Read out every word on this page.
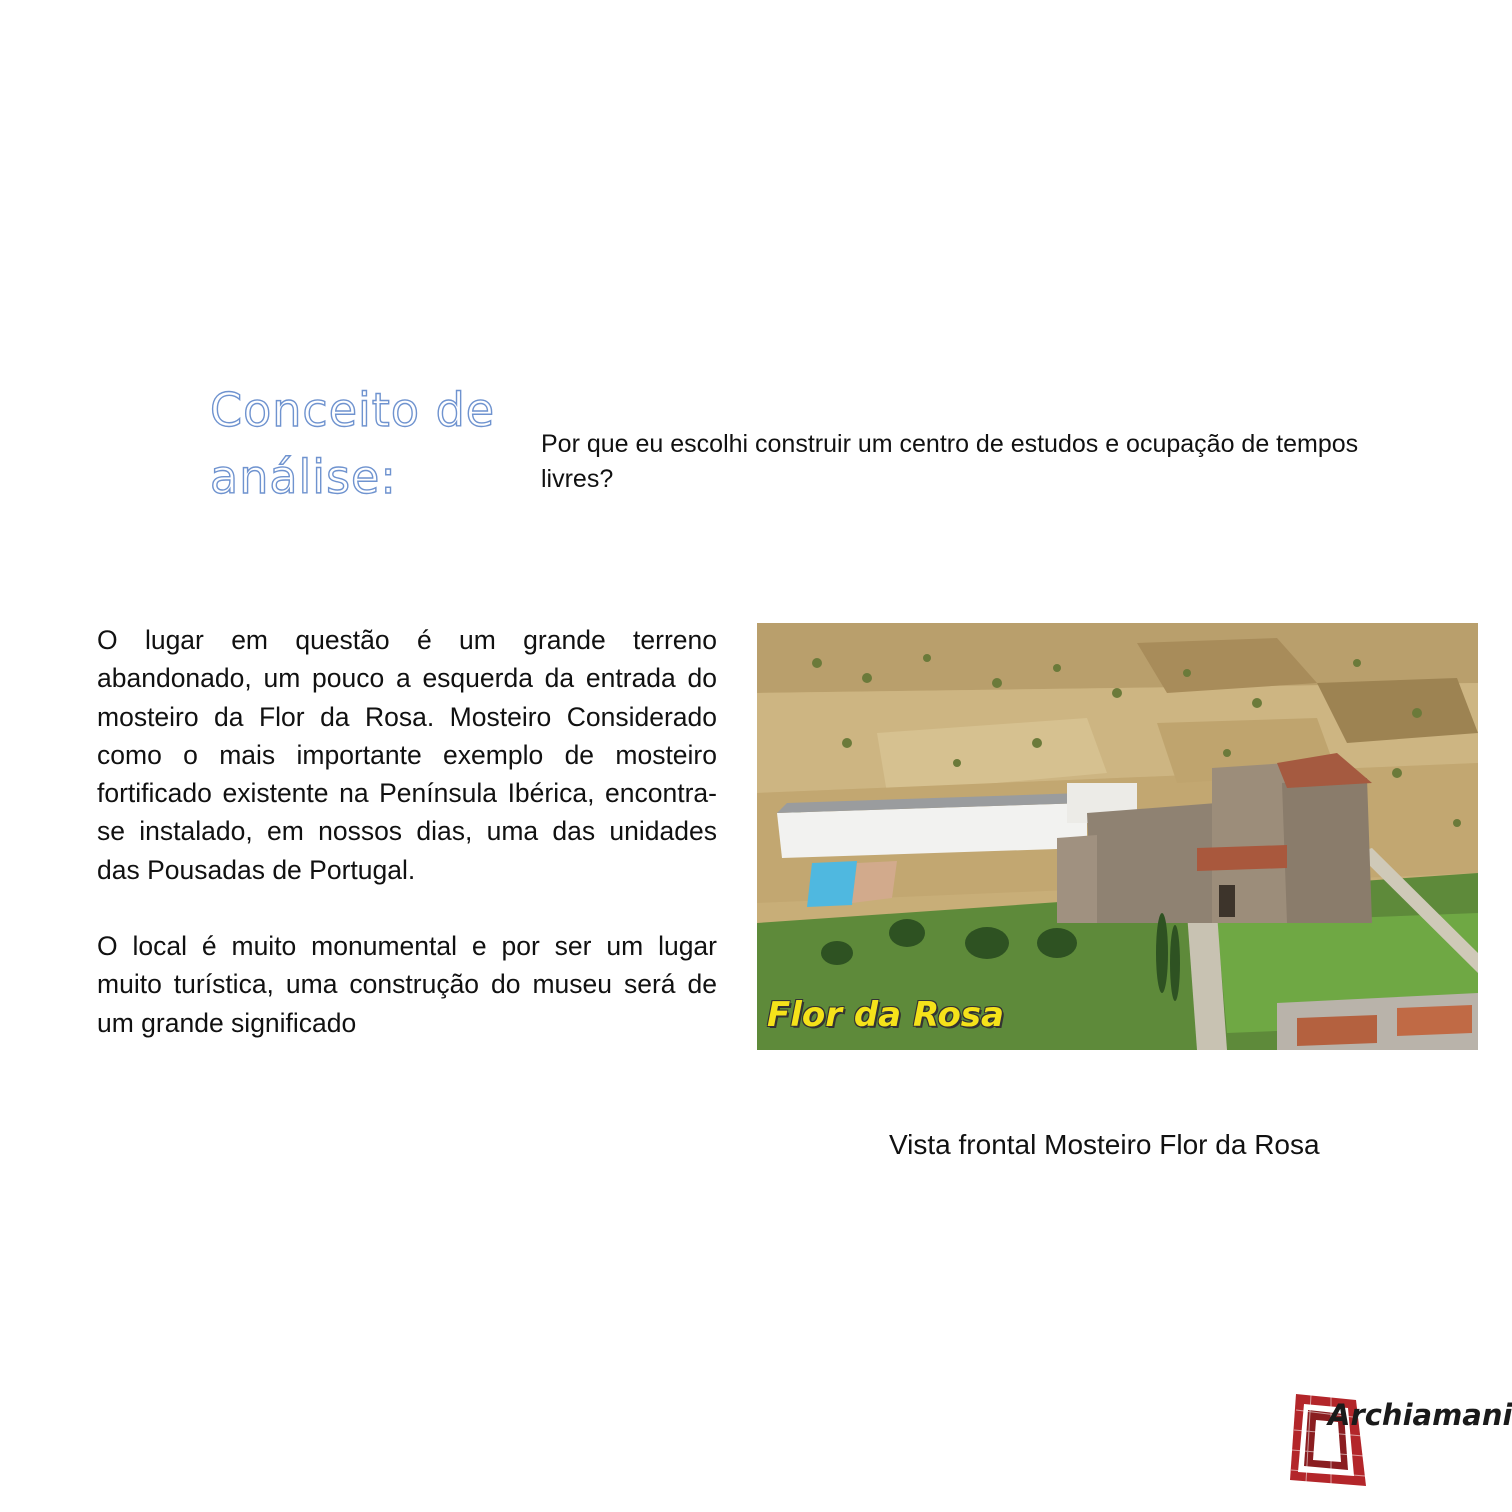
Conceito de
análise:
Por que eu escolhi construir um centro de estudos e ocupação de tempos livres?

O lugar em questão é um grande terreno abandonado, um pouco a esquerda da entrada do mosteiro da Flor da Rosa. Mosteiro Considerado como o mais importante exemplo de mosteiro fortificado existente na Península Ibérica, encontra-se instalado, em nossos dias, uma das unidades das Pousadas de Portugal.

O local é muito monumental e por ser um lugar muito turística, uma construção do museu será de um grande significado	Flor da Rosa
Vista frontal Mosteiro Flor da Rosa
Archiamani
